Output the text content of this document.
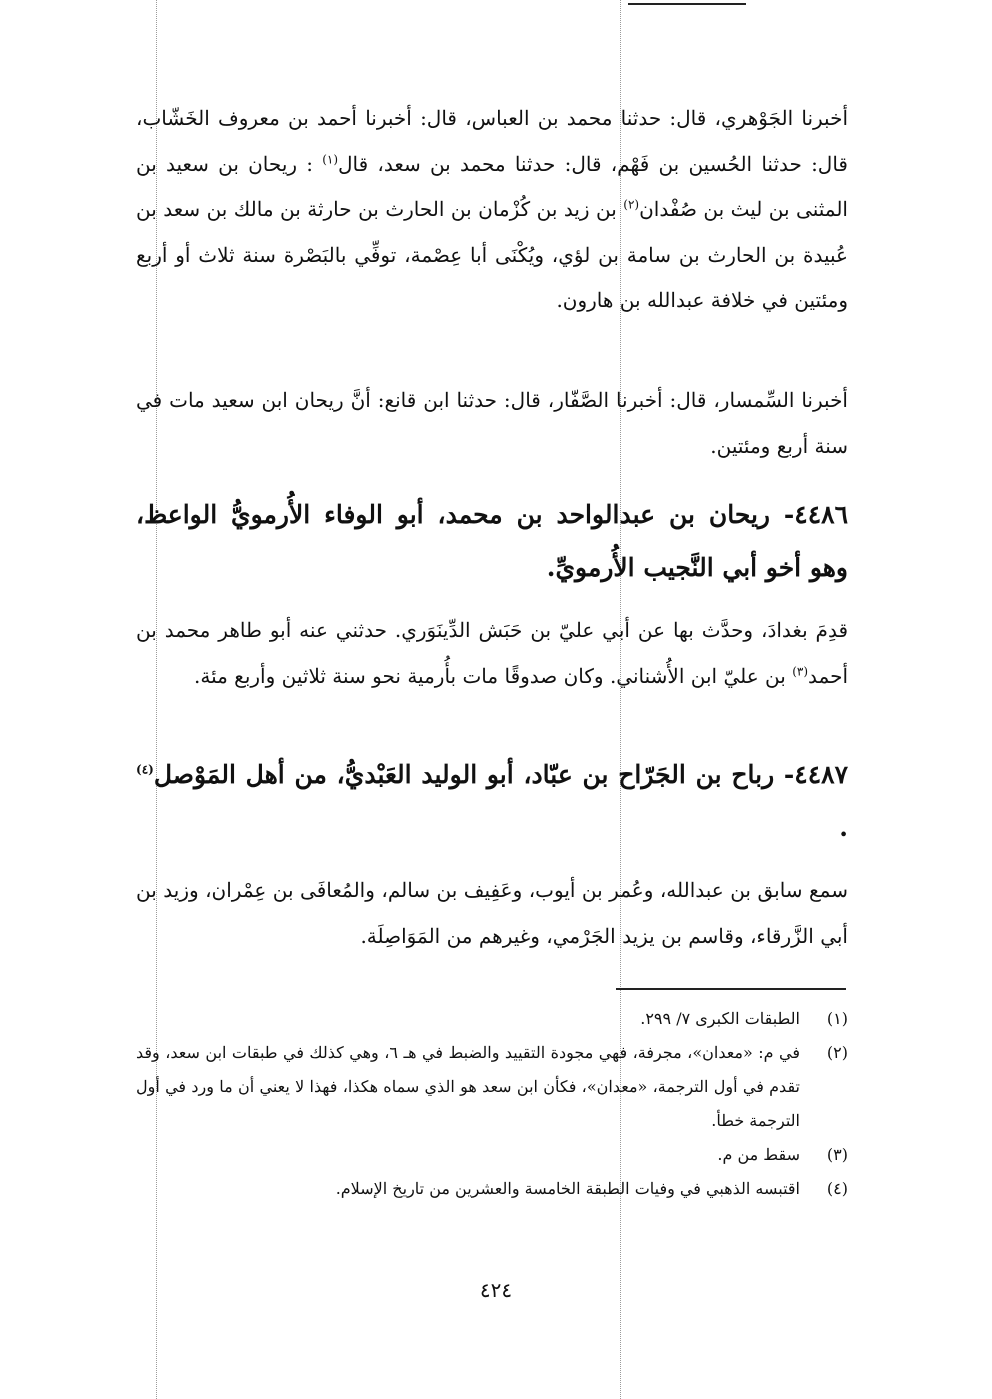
أخبرنا الجَوْهري، قال: حدثنا محمد بن العباس، قال: أخبرنا أحمد بن معروف الخَشّاب، قال: حدثنا الحُسين بن فَهْم، قال: حدثنا محمد بن سعد، قال$^{(١)}$ : ريحان بن سعيد بن المثنى بن ليث بن صُفْدان$^{(٢)}$ بن زيد بن كُزْمان بن الحارث بن حارثة بن مالك بن سعد بن عُبيدة بن الحارث بن سامة بن لؤي، ويُكْنَى أبا عِصْمة، توفِّي بالبَصْرة سنة ثلاث أو أربع ومئتين في خلافة عبدالله بن هارون.

أخبرنا السِّمسار، قال: أخبرنا الصَّفّار، قال: حدثنا ابن قانع: أنَّ ريحان ابن سعيد مات في سنة أربع ومئتين.

٤٤٨٦- ريحان بن عبدالواحد بن محمد، أبو الوفاء الأُرمويُّ الواعظ، وهو أخو أبي النَّجيب الأُرمويِّ.

قدِمَ بغدادَ، وحدَّث بها عن أبي عليّ بن حَبَش الدِّينَوَري. حدثني عنه أبو طاهر محمد بن أحمد$^{(٣)}$ بن عليّ ابن الأُشناني. وكان صدوقًا مات بأُرمية نحو سنة ثلاثين وأربع مئة.

٤٤٨٧- رباح بن الجَرّاح بن عبّاد، أبو الوليد العَبْديُّ، من أهل المَوْصل$^{(٤)}$ .

سمع سابق بن عبدالله، وعُمر بن أيوب، وعَفِيف بن سالم، والمُعافَى بن عِمْران، وزيد بن أبي الزَّرقاء، وقاسم بن يزيد الجَرْمي، وغيرهم من المَوَاصِلَة.

(١)
الطبقات الكبرى ٧/ ٢٩٩.
(٢)
في م: «معدان»، مجرفة، فهي مجودة التقييد والضبط في هـ ٦، وهي كذلك في طبقات ابن سعد، وقد تقدم في أول الترجمة، «معدان»، فكأن ابن سعد هو الذي سماه هكذا، فهذا لا يعني أن ما ورد في أول الترجمة خطأ.
(٣)
سقط من م.
(٤)
اقتبسه الذهبي في وفيات الطبقة الخامسة والعشرين من تاريخ الإسلام.
٤٢٤
